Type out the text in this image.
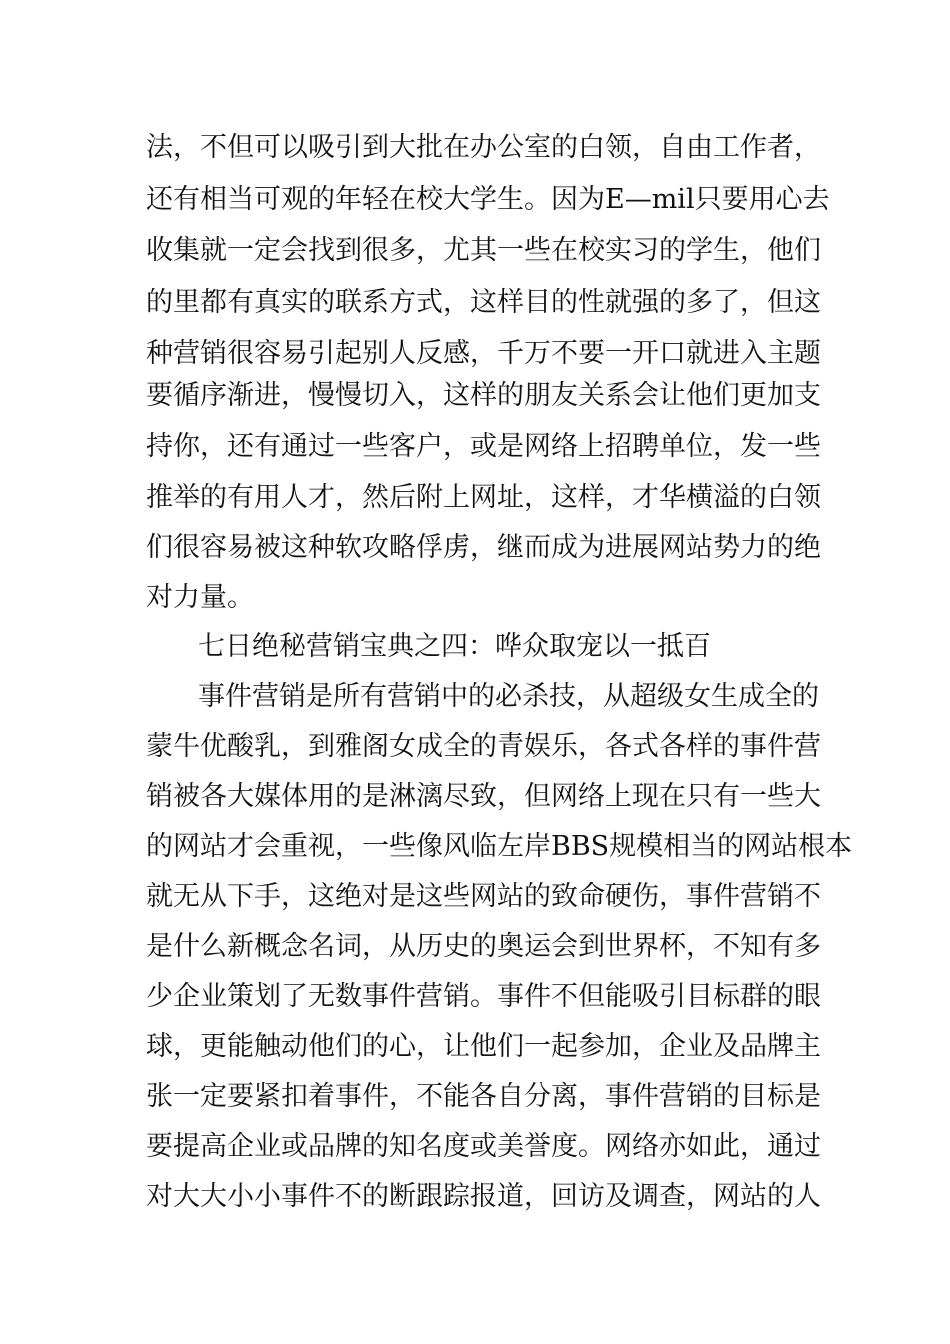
法，不但可以吸引到大批在办公室的白领，自由工作者，
还有相当可观的年轻在校大学生。因为E—mil只要用心去
收集就一定会找到很多，尤其一些在校实习的学生，他们
的里都有真实的联系方式，这样目的性就强的多了，但这
种营销很容易引起别人反感，千万不要一开口就进入主题
要循序渐进，慢慢切入，这样的朋友关系会让他们更加支
持你，还有通过一些客户，或是网络上招聘单位，发一些
推举的有用人才，然后附上网址，这样，才华横溢的白领
们很容易被这种软攻略俘虏，继而成为进展网站势力的绝
对力量。
七日绝秘营销宝典之四：哗众取宠以一抵百
事件营销是所有营销中的必杀技，从超级女生成全的
蒙牛优酸乳，到雅阁女成全的青娱乐，各式各样的事件营
销被各大媒体用的是淋漓尽致，但网络上现在只有一些大
的网站才会重视，一些像风临左岸BBS规模相当的网站根本
就无从下手，这绝对是这些网站的致命硬伤，事件营销不
是什么新概念名词，从历史的奥运会到世界杯，不知有多
少企业策划了无数事件营销。事件不但能吸引目标群的眼
球，更能触动他们的心，让他们一起参加，企业及品牌主
张一定要紧扣着事件，不能各自分离，事件营销的目标是
要提高企业或品牌的知名度或美誉度。网络亦如此，通过
对大大小小事件不的断跟踪报道，回访及调查，网站的人
